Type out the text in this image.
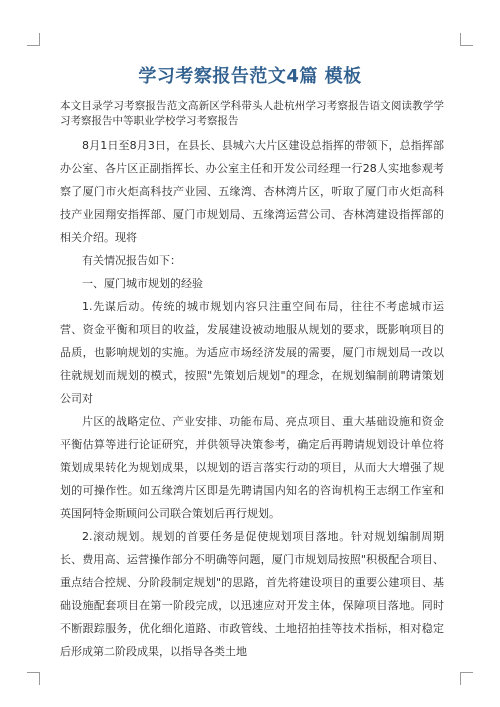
学习考察报告范文4篇 模板
本文目录学习考察报告范文高新区学科带头人赴杭州学习考察报告语文阅读教学学习考察报告中等职业学校学习考察报告

8月1日至8月3日，在县长、县城六大片区建设总指挥的带领下，总指挥部办公室、各片区正副指挥长、办公室主任和开发公司经理一行28人实地参观考察了厦门市火炬高科技产业园、五缘湾、杏林湾片区，听取了厦门市火炬高科技产业园翔安指挥部、厦门市规划局、五缘湾运营公司、杏林湾建设指挥部的相关介绍。现将

有关情况报告如下：

一、厦门城市规划的经验

1.先谋后动。传统的城市规划内容只注重空间布局，往往不考虑城市运营、资金平衡和项目的收益，发展建设被动地服从规划的要求，既影响项目的品质，也影响规划的实施。为适应市场经济发展的需要，厦门市规划局一改以往就规划而规划的模式，按照"先策划后规划"的理念，在规划编制前聘请策划公司对

片区的战略定位、产业安排、功能布局、亮点项目、重大基础设施和资金平衡估算等进行论证研究，并供领导决策参考，确定后再聘请规划设计单位将策划成果转化为规划成果，以规划的语言落实行动的项目，从而大大增强了规划的可操作性。如五缘湾片区即是先聘请国内知名的咨询机构王志纲工作室和英国阿特金斯顾问公司联合策划后再行规划。

2.滚动规划。规划的首要任务是促使规划项目落地。针对规划编制周期长、费用高、运营操作部分不明确等问题，厦门市规划局按照"积极配合项目、重点结合控规、分阶段制定规划"的思路，首先将建设项目的重要公建项目、基础设施配套项目在第一阶段完成，以迅速应对开发主体，保障项目落地。同时不断跟踪服务，优化细化道路、市政管线、土地招拍挂等技术指标，相对稳定后形成第二阶段成果，以指导各类土地
